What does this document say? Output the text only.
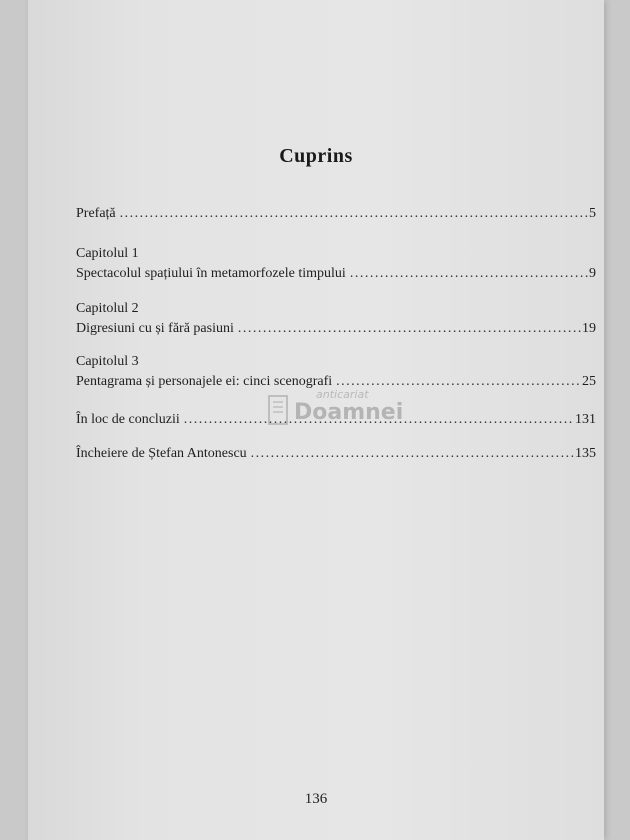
Cuprins
Prefață . . .	5
Capitolul 1
Spectacolul spațiului în metamorfozele timpului . . .	9
Capitolul 2
Digresiuni cu și fără pasiuni . . .	19
Capitolul 3
Pentagrama și personajele ei: cinci scenografi . . .	25
În loc de concluzii . . .	131
Încheiere de Ștefan Antonescu . . .	135
anticariat
Doamnei
136
